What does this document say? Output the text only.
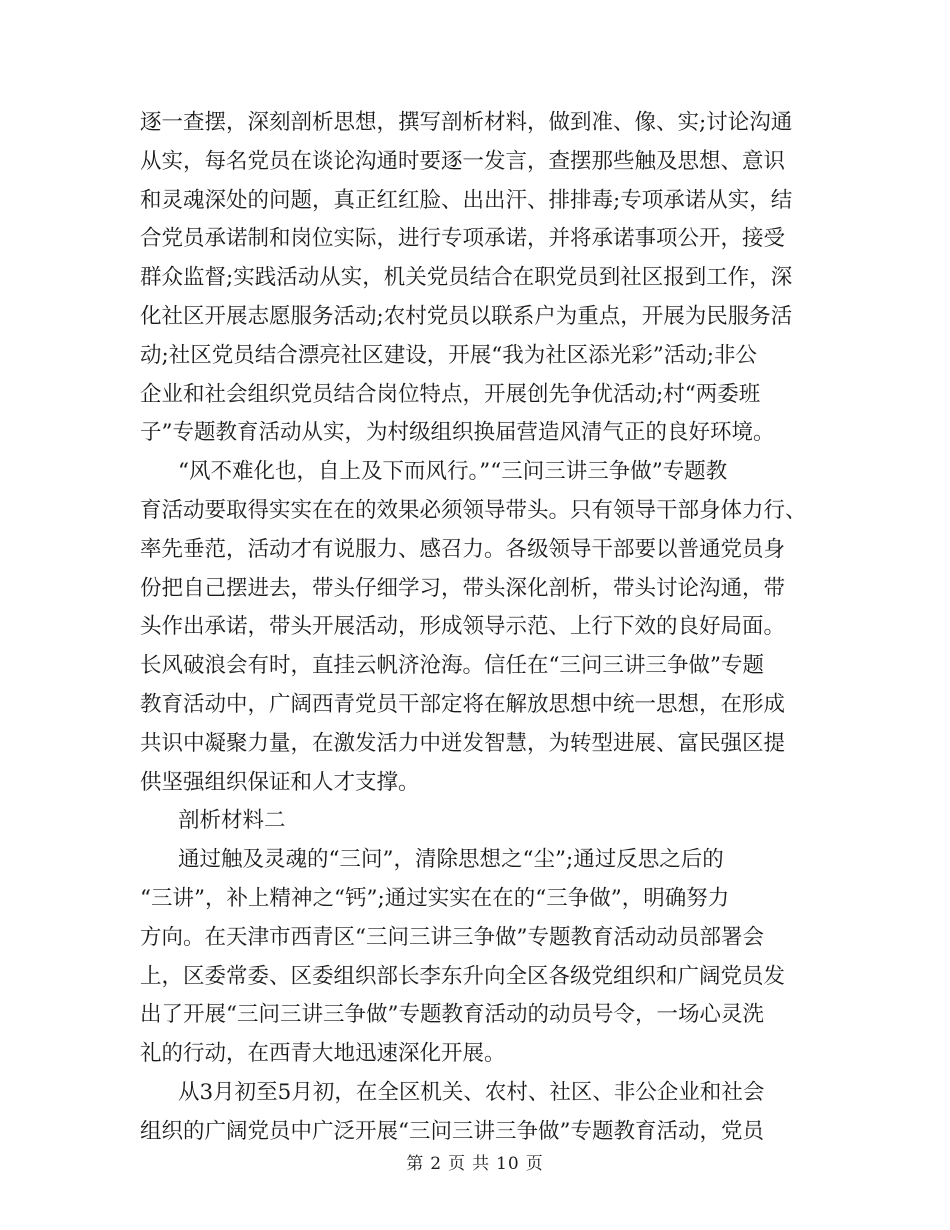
逐一查摆，深刻剖析思想，撰写剖析材料，做到准、像、实;讨论沟通
从实，每名党员在谈论沟通时要逐一发言，查摆那些触及思想、意识
和灵魂深处的问题，真正红红脸、出出汗、排排毒;专项承诺从实，结
合党员承诺制和岗位实际，进行专项承诺，并将承诺事项公开，接受
群众监督;实践活动从实，机关党员结合在职党员到社区报到工作，深
化社区开展志愿服务活动;农村党员以联系户为重点，开展为民服务活
动;社区党员结合漂亮社区建设，开展“我为社区添光彩”活动;非公
企业和社会组织党员结合岗位特点，开展创先争优活动;村“两委班
子”专题教育活动从实，为村级组织换届营造风清气正的良好环境。
“风不难化也，自上及下而风行。”“三问三讲三争做”专题教
育活动要取得实实在在的效果必须领导带头。只有领导干部身体力行、
率先垂范，活动才有说服力、感召力。各级领导干部要以普通党员身
份把自己摆进去，带头仔细学习，带头深化剖析，带头讨论沟通，带
头作出承诺，带头开展活动，形成领导示范、上行下效的良好局面。
长风破浪会有时，直挂云帆济沧海。信任在“三问三讲三争做”专题
教育活动中，广阔西青党员干部定将在解放思想中统一思想，在形成
共识中凝聚力量，在激发活力中迸发智慧，为转型进展、富民强区提
供坚强组织保证和人才支撑。
剖析材料二
通过触及灵魂的“三问”，清除思想之“尘”;通过反思之后的
“三讲”，补上精神之“钙”;通过实实在在的“三争做”，明确努力
方向。在天津市西青区“三问三讲三争做”专题教育活动动员部署会
上，区委常委、区委组织部长李东升向全区各级党组织和广阔党员发
出了开展“三问三讲三争做”专题教育活动的动员号令，一场心灵洗
礼的行动，在西青大地迅速深化开展。
从3月初至5月初，在全区机关、农村、社区、非公企业和社会
组织的广阔党员中广泛开展“三问三讲三争做”专题教育活动，党员
第 2 页 共 10 页
